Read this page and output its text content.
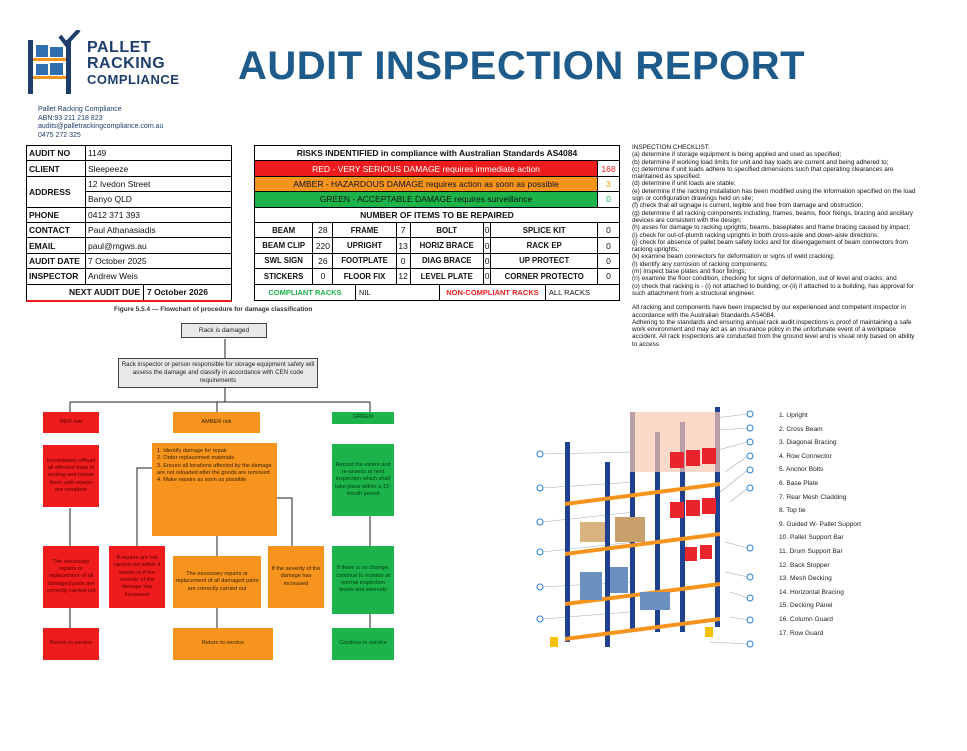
PALLET
RACKING
COMPLIANCE AUDIT INSPECTION REPORT
Pallet Racking Compliance
ABN:93 211 218 823
audits@palletrackingcompliance.com.au
0475 272 325
AUDIT NO	1149
CLIENT	Sleepeeze
ADDRESS	12 Ivedon Street
	Banyo QLD
PHONE	0412 371 393
CONTACT	Paul Athanasiadis
EMAIL	paul@mgws.au
AUDIT DATE	7 October 2025
INSPECTOR	Andrew Weis
NEXT AUDIT DUE 7 October 2026
RISKS INDENTIFIED in compliance with Australian Standards AS4084							
RED - VERY SERIOUS DAMAGE requires immediate action							168
AMBER - HAZARDOUS DAMAGE requires action as soon as possible							3
GREEN - ACCEPTABLE DAMAGE requires surveillance							0
NUMBER OF ITEMS TO BE REPAIRED							
BEAM	28	FRAME	7	BOLT	0	SPLICE KIT	0
BEAM CLIP	220	UPRIGHT	13	HORIZ BRACE	0	RACK EP	0
SWL SIGN	26	FOOTPLATE	0	DIAG BRACE	0	UP PROTECT	0
STICKERS	0	FLOOR FIX	12	LEVEL PLATE	0	CORNER PROTECTO	0
COMPLIANT RACKS	NIL	NON-COMPLIANT RACKS	ALL RACKS
INSPECTION CHECKLIST:
(a) determine if storage equipment is being applied and used as specified;
(b) determine if working load limits for unit and bay loads are current and being adhered to;
(c) determine if unit loads adhere to specified dimensions such that operating clearances are
maintained as specified;
(d) determine if unit loads are stable;
(e) determine if the racking installation has been modified using the information specified on the load
sign or configuration drawings held on site;
(f) check that all signage is current, legible and free from damage and obstruction;
(g) determine if all racking components including, frames, beams, floor fixings, bracing and ancillary
devices are consistent with the design;
(h) asses for damage to racking uprights, beams, baseplates and frame bracing caused by impact;
(i) check for out-of-plumb racking uprights in both cross-aisle and down-aisle directions;
(j) check for absence of pallet beam safety locks and for disengagement of beam connectors from
racking uprights;
(k) examine beam connectors for deformation or signs of weld cracking;
(l) identify any corrosion of racking components;
(m) inspect base plates and floor fixings;
(n) examine the floor condition, checking for signs of deformation, out of level and cracks; and
(o) check that racking is - (i) not attached to building; or-(ii) if attached to a building, has approval for
such attachment from a structural engineer.
All racking and components have been inspected by our experienced and competent inspector in
accordance with the Australian Standards AS4084.
Adhering to the standards and ensuring annual rack audit inspections is proof of maintaining a safe
work environment and may act as an insurance policy in the unfortunate event of a workplace
accident. All rack inspections are conducted from the ground level and is visual only based on ability
to access
Figure 5.5.4 — Flowchart of procedure for damage classification
Rack is damaged
Rack inspector or person responsible for storage equipment safety will assess the damage and classify in accordance with CEN code requirements
RED risk	AMBER risk
GREEN
Immediately offload all affected bays of racking and isolate them until repairs are complete
1. Identify damage for repair
2. Order replacement materials
3. Ensure all locations affected by the damage are not reloaded after the goods are removed
4. Make repairs as soon as possible
Record the extent and re-assess at next inspection which shall take place within a 12-month period
The necessary repairs or replacement of all damaged parts are correctly carried out
If repairs are not carried out within 4 weeks or if the severity of the damage has increased
The necessary repairs or replacement of all damaged parts are correctly carried out
If the severity of the damage has increased
If there is no change, continue to monitor at normal inspection levels and intervals
Return to service	Return to service	Continue in service
1. Upright
2. Cross Beam
3. Diagonal Bracing
4. Row Connector
5. Anchor Bolts
6. Base Plate
7. Rear Mesh Cladding
8. Top tie
9. Guided W- Pallet Support
10. Pallet Support Bar
11. Drum Support Bar
12. Back Stopper
13. Mesh Decking
14. Horizontal Bracing
15. Decking Panel
16. Column Guard
17. Row Guard
